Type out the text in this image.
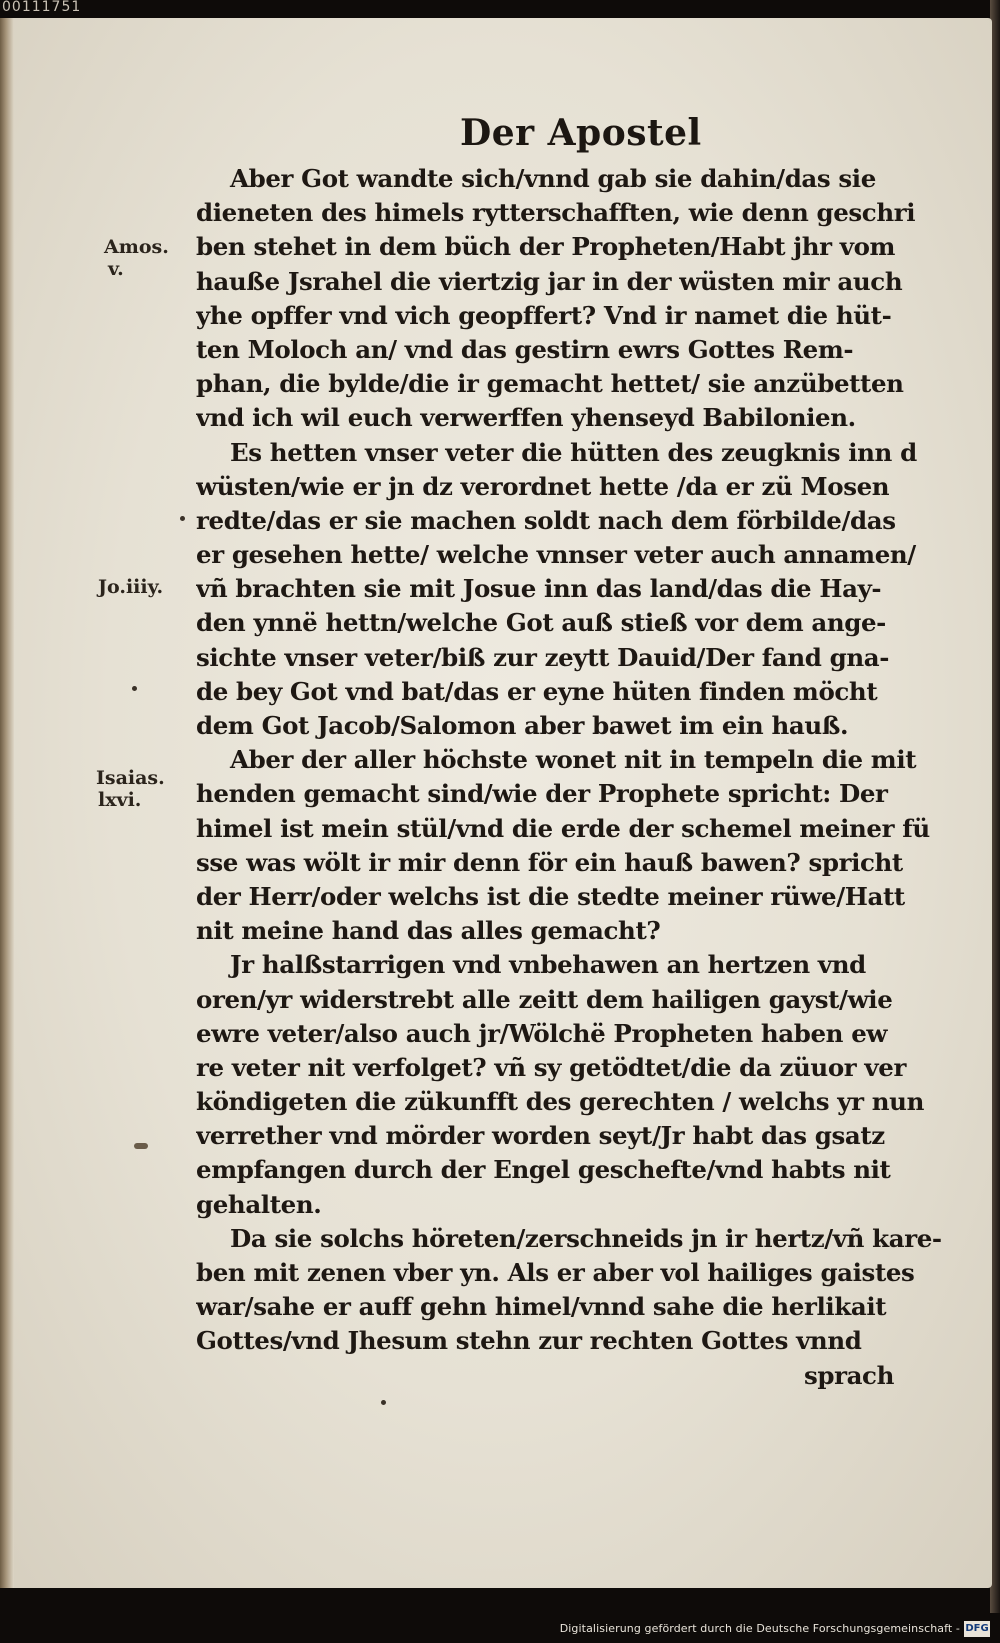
00111751
Der Apostel
Amos.
v.
Jo.iiiy.
Isaias.
lxvi.
Aber Got wandte sich/vnnd gab sie dahin/das sie
dieneten des himels rytterschafften, wie denn geschri
ben stehet in dem büch der Propheten/Habt jhr vom
hauße Jsrahel die viertzig jar in der wüsten mir auch
yhe opffer vnd vich geopffert? Vnd ir namet die hüt-
ten Moloch an/ vnd das gestirn ewrs Gottes Rem-
phan, die bylde/die ir gemacht hettet/ sie anzübetten
vnd ich wil euch verwerffen yhenseyd Babilonien.
Es hetten vnser veter die hütten des zeugknis inn d
wüsten/wie er jn dz verordnet hette /da er zü Mosen
redte/das er sie machen soldt nach dem förbilde/das
er gesehen hette/ welche vnnser veter auch annamen/
vñ brachten sie mit Josue inn das land/das die Hay-
den ynnë hettn/welche Got auß stieß vor dem ange-
sichte vnser veter/biß zur zeytt Dauid/Der fand gna-
de bey Got vnd bat/das er eyne hüten finden möcht
dem Got Jacob/Salomon aber bawet im ein hauß.
Aber der aller höchste wonet nit in tempeln die mit
henden gemacht sind/wie der Prophete spricht: Der
himel ist mein stül/vnd die erde der schemel meiner fü
sse was wölt ir mir denn för ein hauß bawen? spricht
der Herr/oder welchs ist die stedte meiner rüwe/Hatt
nit meine hand das alles gemacht?
Jr halßstarrigen vnd vnbehawen an hertzen vnd
oren/yr widerstrebt alle zeitt dem hailigen gayst/wie
ewre veter/also auch jr/Wölchë Propheten haben ew
re veter nit verfolget? vñ sy getödtet/die da züuor ver
köndigeten die zükunfft des gerechten / welchs yr nun
verrether vnd mörder worden seyt/Jr habt das gsatz
empfangen durch der Engel geschefte/vnd habts nit
gehalten.
Da sie solchs höreten/zerschneids jn ir hertz/vñ kare-
ben mit zenen vber yn. Als er aber vol hailiges gaistes
war/sahe er auff gehn himel/vnnd sahe die herlikait
Gottes/vnd Jhesum stehn zur rechten Gottes vnnd
sprach
Digitalisierung gefördert durch die Deutsche Forschungsgemeinschaft - DFG
